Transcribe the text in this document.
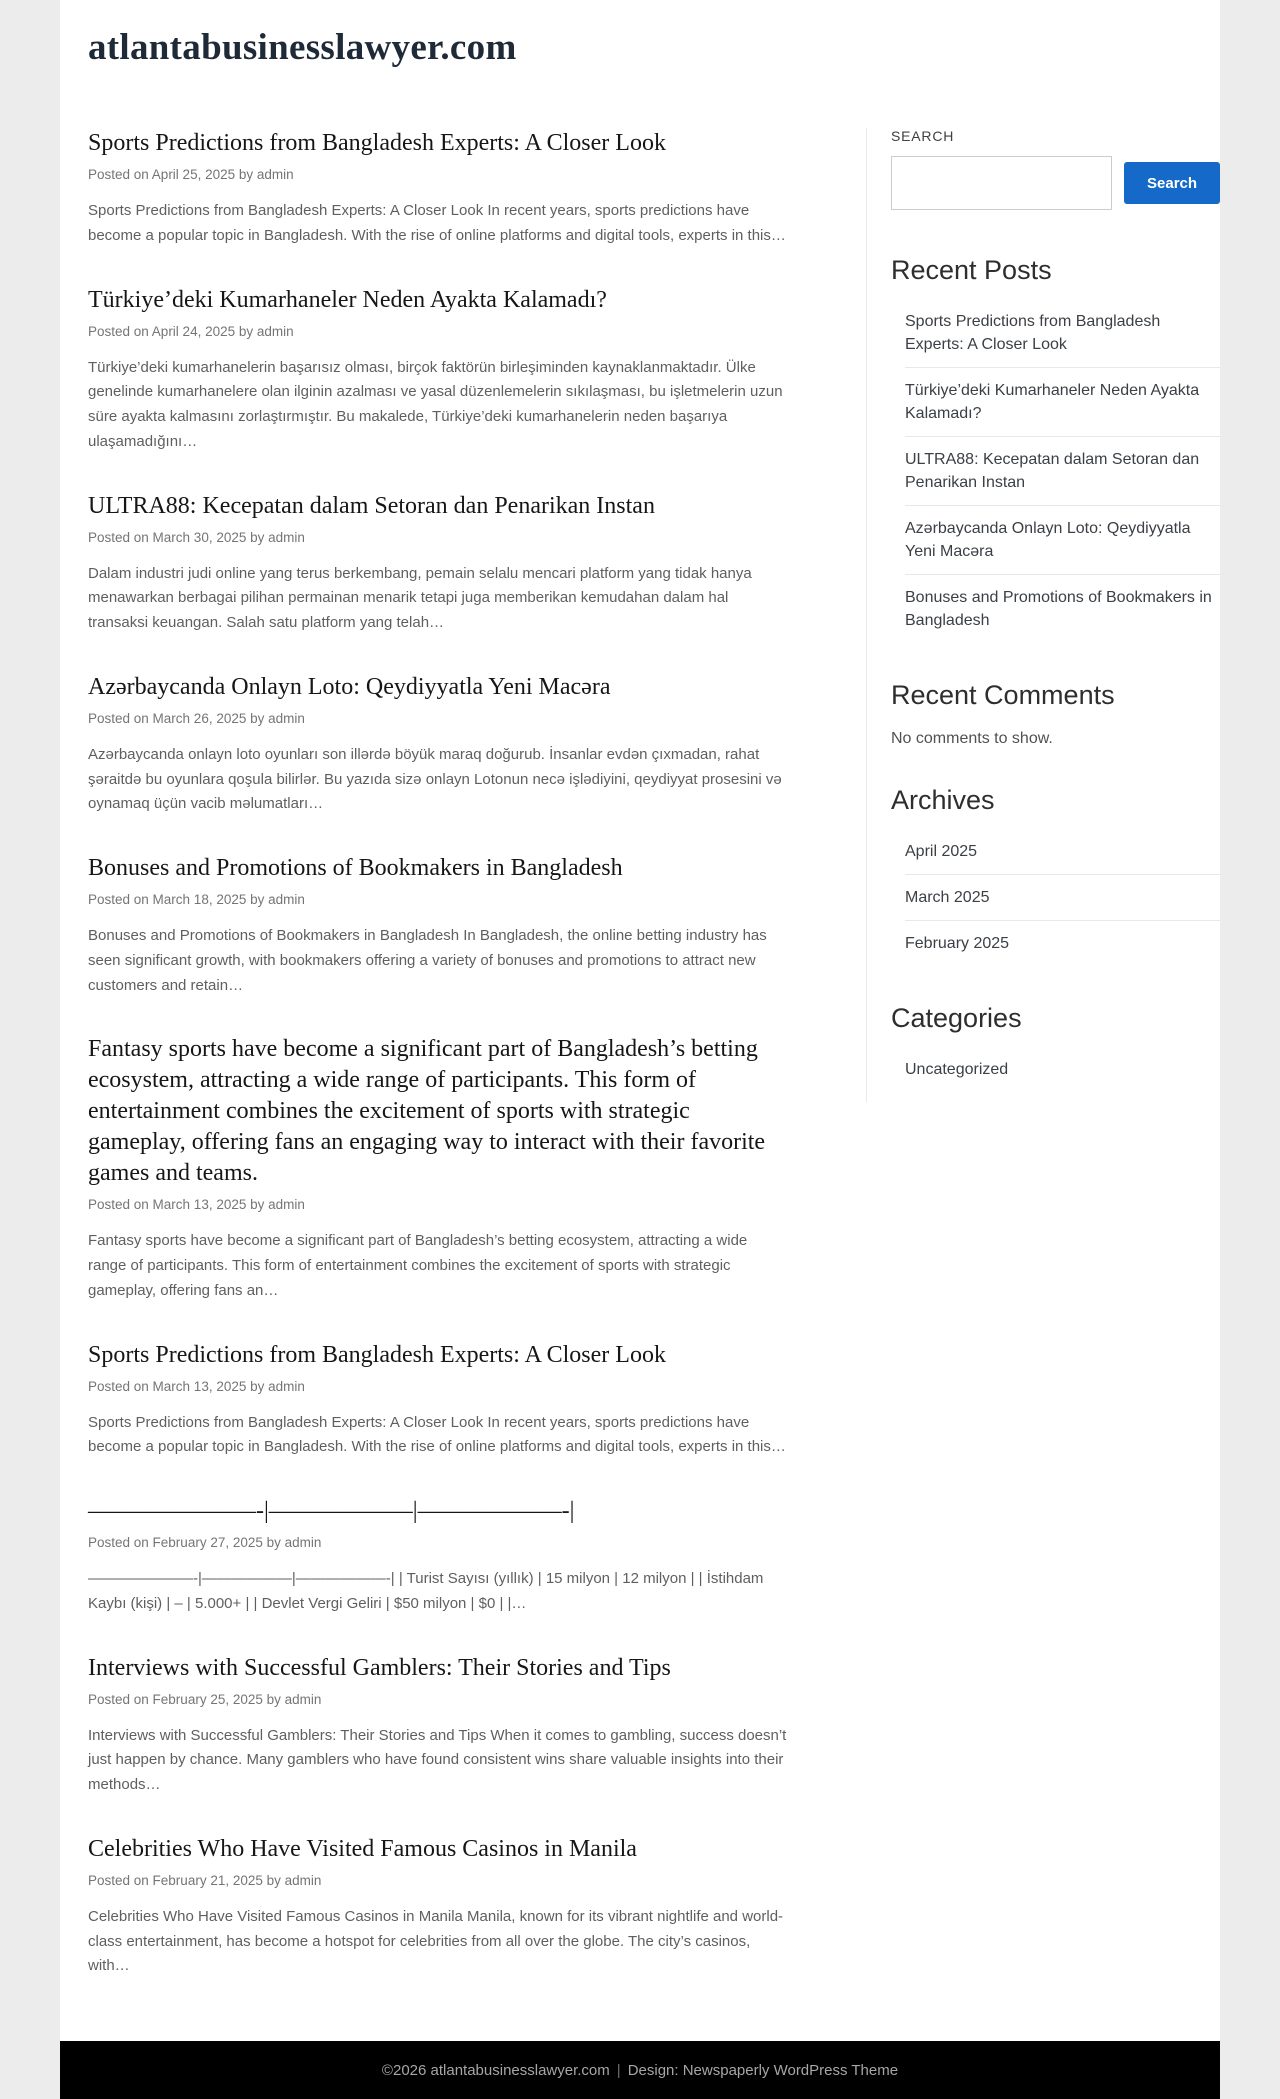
atlantabusinesslawyer.com
Sports Predictions from Bangladesh Experts: A Closer Look
Posted on April 25, 2025 by admin

Sports Predictions from Bangladesh Experts: A Closer Look In recent years, sports predictions have become a popular topic in Bangladesh. With the rise of online platforms and digital tools, experts in this…

Türkiye’deki Kumarhaneler Neden Ayakta Kalamadı?
Posted on April 24, 2025 by admin

Türkiye’deki kumarhanelerin başarısız olması, birçok faktörün birleşiminden kaynaklanmaktadır. Ülke genelinde kumarhanelere olan ilginin azalması ve yasal düzenlemelerin sıkılaşması, bu işletmelerin uzun süre ayakta kalmasını zorlaştırmıştır. Bu makalede, Türkiye’deki kumarhanelerin neden başarıya ulaşamadığını…

ULTRA88: Kecepatan dalam Setoran dan Penarikan Instan
Posted on March 30, 2025 by admin

Dalam industri judi online yang terus berkembang, pemain selalu mencari platform yang tidak hanya menawarkan berbagai pilihan permainan menarik tetapi juga memberikan kemudahan dalam hal transaksi keuangan. Salah satu platform yang telah…

Azərbaycanda Onlayn Loto: Qeydiyyatla Yeni Macəra
Posted on March 26, 2025 by admin

Azərbaycanda onlayn loto oyunları son illərdə böyük maraq doğurub. İnsanlar evdən çıxmadan, rahat şəraitdə bu oyunlara qoşula bilirlər. Bu yazıda sizə onlayn Lotonun necə işlədiyini, qeydiyyat prosesini və oynamaq üçün vacib məlumatları…

Bonuses and Promotions of Bookmakers in Bangladesh
Posted on March 18, 2025 by admin

Bonuses and Promotions of Bookmakers in Bangladesh In Bangladesh, the online betting industry has seen significant growth, with bookmakers offering a variety of bonuses and promotions to attract new customers and retain…

Fantasy sports have become a significant part of Bangladesh’s betting ecosystem, attracting a wide range of participants. This form of entertainment combines the excitement of sports with strategic gameplay, offering fans an engaging way to interact with their favorite games and teams.
Posted on March 13, 2025 by admin

Fantasy sports have become a significant part of Bangladesh’s betting ecosystem, attracting a wide range of participants. This form of entertainment combines the excitement of sports with strategic gameplay, offering fans an…

Sports Predictions from Bangladesh Experts: A Closer Look
Posted on March 13, 2025 by admin

Sports Predictions from Bangladesh Experts: A Closer Look In recent years, sports predictions have become a popular topic in Bangladesh. With the rise of online platforms and digital tools, experts in this…

———————-|——————|——————-|
Posted on February 27, 2025 by admin

———————-|——————|——————-| | Turist Sayısı (yıllık) | 15 milyon | 12 milyon | | İstihdam Kaybı (kişi) | – | 5.000+ | | Devlet Vergi Geliri | $50 milyon | $0 | |…

Interviews with Successful Gamblers: Their Stories and Tips
Posted on February 25, 2025 by admin

Interviews with Successful Gamblers: Their Stories and Tips When it comes to gambling, success doesn’t just happen by chance. Many gamblers who have found consistent wins share valuable insights into their methods…

Celebrities Who Have Visited Famous Casinos in Manila
Posted on February 21, 2025 by admin

Celebrities Who Have Visited Famous Casinos in Manila Manila, known for its vibrant nightlife and world-class entertainment, has become a hotspot for celebrities from all over the globe. The city’s casinos, with…

SEARCH
Search
Recent Posts
Sports Predictions from Bangladesh Experts: A Closer Look
Türkiye’deki Kumarhaneler Neden Ayakta Kalamadı?
ULTRA88: Kecepatan dalam Setoran dan Penarikan Instan
Azərbaycanda Onlayn Loto: Qeydiyyatla Yeni Macəra
Bonuses and Promotions of Bookmakers in Bangladesh
Recent Comments

No comments to show.

Archives
April 2025
March 2025
February 2025
Categories
Uncategorized
©2026 atlantabusinesslawyer.com | Design: Newspaperly WordPress Theme
